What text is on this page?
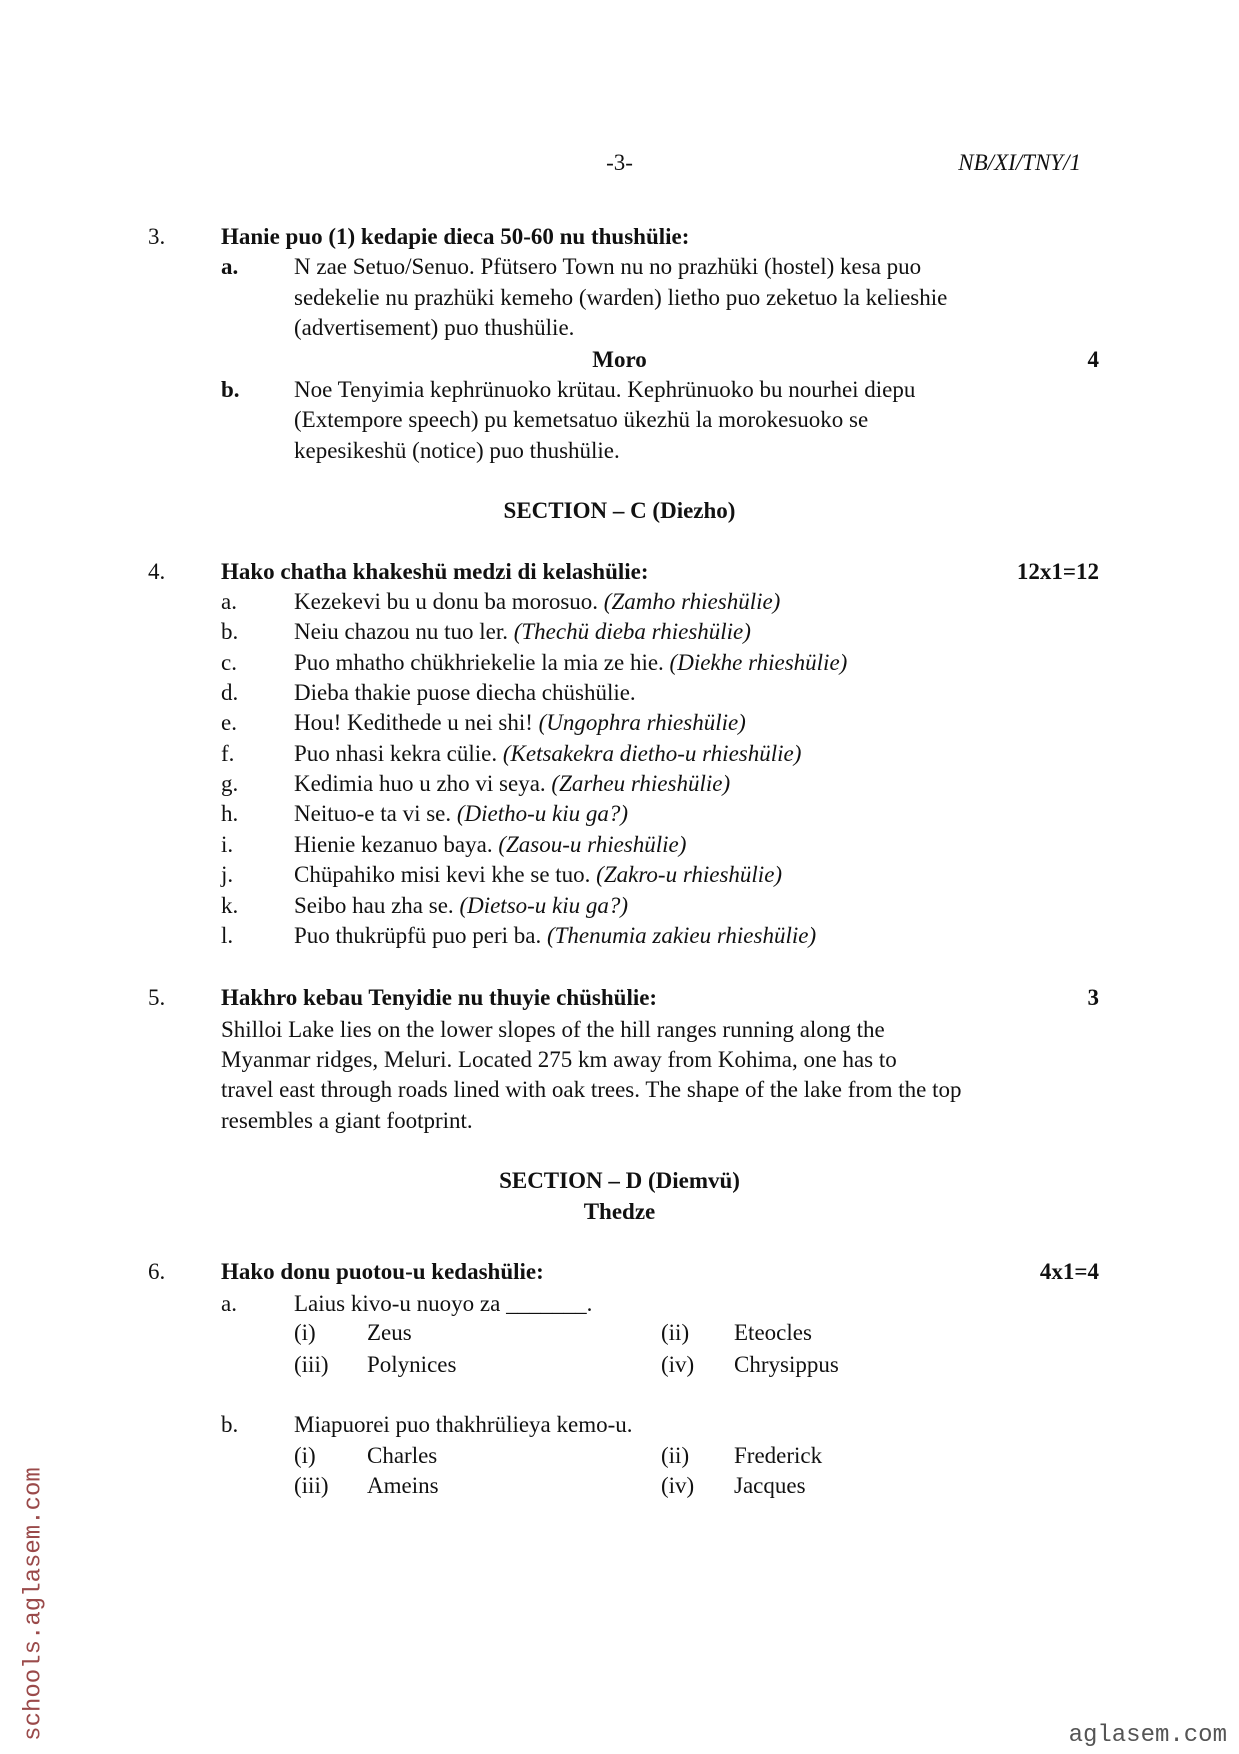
-3-	NB/XI/TNY/1
3. Hanie puo (1) kedapie dieca 50-60 nu thushülie:
a. N zae Setuo/Senuo. Pfütsero Town nu no prazhüki (hostel) kesa puo
sedekelie nu prazhüki kemeho (warden) lietho puo zeketuo la kelieshie
(advertisement) puo thushülie.
Moro	4
b. Noe Tenyimia kephrünuoko krütau. Kephrünuoko bu nourhei diepu
(Extempore speech) pu kemetsatuo ükezhü la morokesuoko se
kepesikeshü (notice) puo thushülie.
SECTION – C (Diezho)
4. Hako chatha khakeshü medzi di kelashülie:	12x1=12
a. Kezekevi bu u donu ba morosuo. (Zamho rhieshülie)
b. Neiu chazou nu tuo ler. (Thechü dieba rhieshülie)
c. Puo mhatho chükhriekelie la mia ze hie. (Diekhe rhieshülie)
d. Dieba thakie puose diecha chüshülie.
e. Hou! Kedithede u nei shi! (Ungophra rhieshülie)
f.	Puo nhasi kekra cülie. (Ketsakekra dietho-u rhieshülie)
g. Kedimia huo u zho vi seya. (Zarheu rhieshülie)
h. Neituo-e ta vi se. (Dietho-u kiu ga?)
i.	Hienie kezanuo baya. (Zasou-u rhieshülie)
j.	Chüpahiko misi kevi khe se tuo. (Zakro-u rhieshülie)
k. Seibo hau zha se. (Dietso-u kiu ga?)
l.	Puo thukrüpfü puo peri ba. (Thenumia zakieu rhieshülie)
5. Hakhro kebau Tenyidie nu thuyie chüshülie:	3
Shilloi Lake lies on the lower slopes of the hill ranges running along the
Myanmar ridges, Meluri. Located 275 km away from Kohima, one has to
travel east through roads lined with oak trees. The shape of the lake from the top
resembles a giant footprint.
SECTION – D (Diemvü)
Thedze
6. Hako donu puotou-u kedashülie:	4x1=4
a. Laius kivo-u nuoyo za _______.
(i) Zeus	(ii) Eteocles
(iii) Polynices	(iv) Chrysippus
b. Miapuorei puo thakhrülieya kemo-u.
(i) Charles	(ii) Frederick
(iii) Ameins	(iv) Jacques
schools.aglasem.com	aglasem.com
